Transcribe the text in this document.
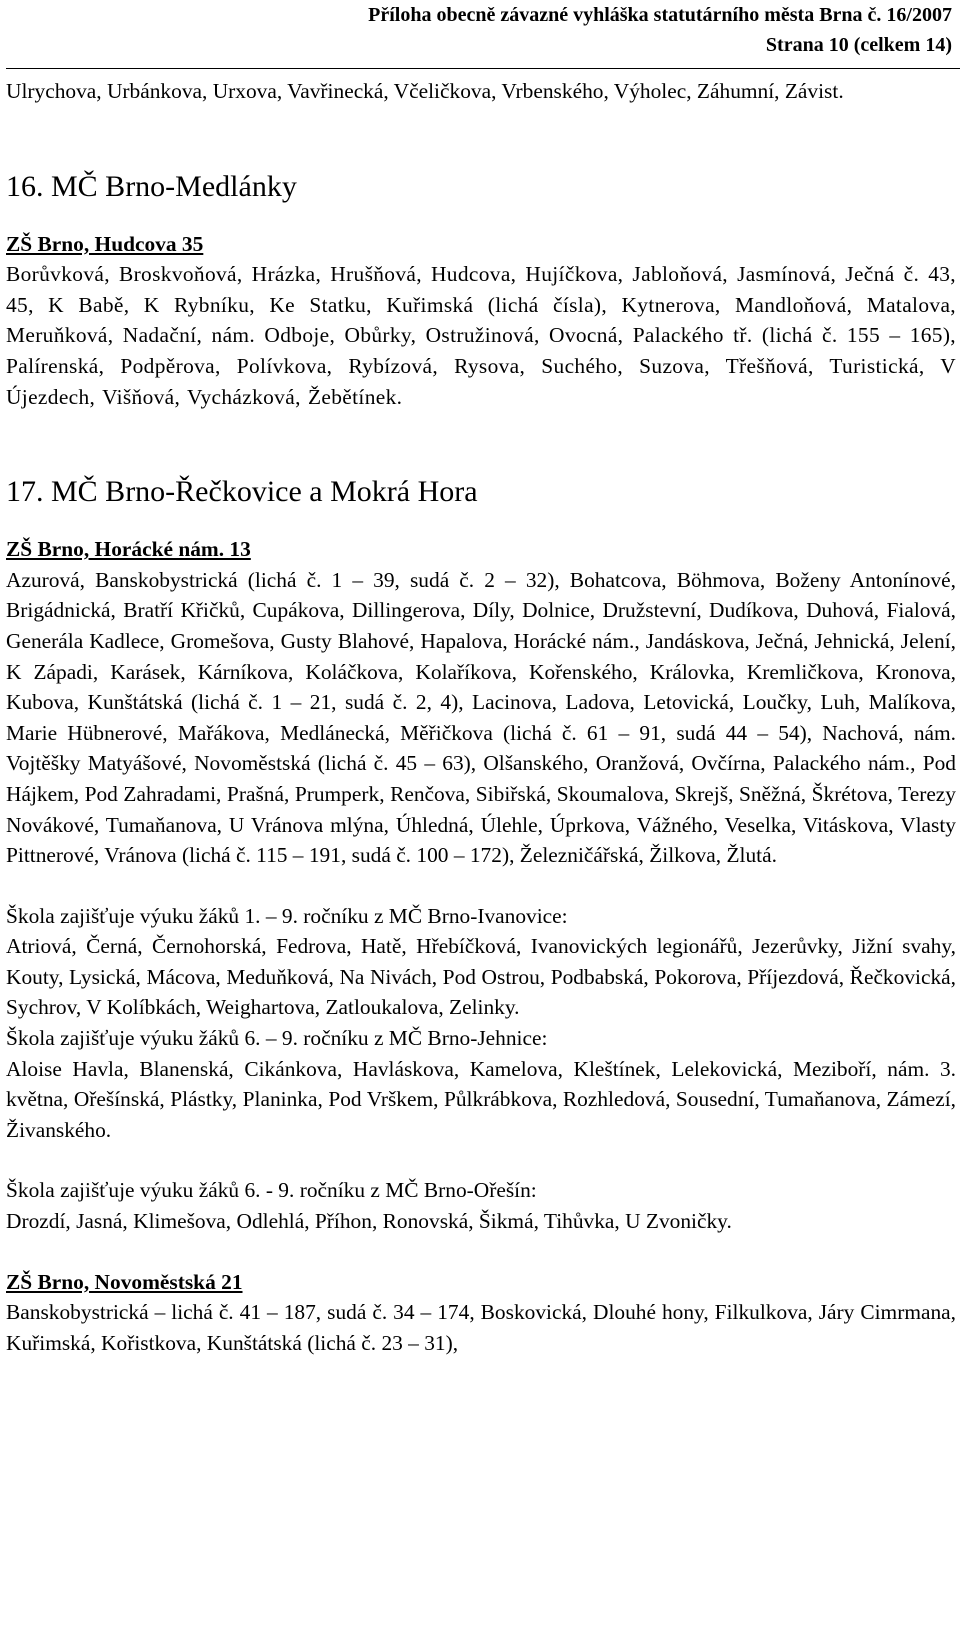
Příloha obecně závazné vyhláška statutárního města Brna č. 16/2007
Strana 10 (celkem 14)

Ulrychova, Urbánkova, Urxova, Vavřinecká, Včeličkova, Vrbenského, Výholec, Záhumní, Závist.

16. MČ Brno-Medlánky

ZŠ Brno, Hudcova 35

Borůvková, Broskvoňová, Hrázka, Hrušňová, Hudcova, Hujíčkova, Jabloňová, Jasmínová, Ječná č. 43, 45, K Babě, K Rybníku, Ke Statku, Kuřimská (lichá čísla), Kytnerova, Mandloňová, Matalova, Meruňková, Nadační, nám. Odboje, Obůrky, Ostružinová, Ovocná, Palackého tř. (lichá č. 155 – 165), Palírenská, Podpěrova, Polívkova, Rybízová, Rysova, Suchého, Suzova, Třešňová, Turistická, V Újezdech, Višňová, Vycházková, Žebětínek.

17. MČ Brno-Řečkovice a Mokrá Hora

ZŠ Brno, Horácké nám. 13

Azurová, Banskobystrická (lichá č. 1 – 39, sudá č. 2 – 32), Bohatcova, Böhmova, Boženy Antonínové, Brigádnická, Bratří Křičků, Cupákova, Dillingerova, Díly, Dolnice, Družstevní, Dudíkova, Duhová, Fialová, Generála Kadlece, Gromešova, Gusty Blahové, Hapalova, Horácké nám., Jandáskova, Ječná, Jehnická, Jelení, K Západi, Karásek, Kárníkova, Koláčkova, Kolaříkova, Kořenského, Královka, Kremličkova, Kronova, Kubova, Kunštátská (lichá č. 1 – 21, sudá č. 2, 4), Lacinova, Ladova, Letovická, Loučky, Luh, Malíkova, Marie Hübnerové, Mařákova, Medlánecká, Měřičkova (lichá č. 61 – 91, sudá 44 – 54), Nachová, nám. Vojtěšky Matyášové, Novoměstská (lichá č. 45 – 63), Olšanského, Oranžová, Ovčírna, Palackého nám., Pod Hájkem, Pod Zahradami, Prašná, Prumperk, Renčova, Sibiřská, Skoumalova, Skrejš, Sněžná, Škrétova, Terezy Novákové, Tumaňanova, U Vránova mlýna, Úhledná, Úlehle, Úprkova, Vážného, Veselka, Vitáskova, Vlasty Pittnerové, Vránova (lichá č. 115 – 191, sudá č. 100 – 172), Železničářská, Žilkova, Žlutá.

Škola zajišťuje výuku žáků 1. – 9. ročníku z MČ Brno-Ivanovice:

Atriová, Černá, Černohorská, Fedrova, Hatě, Hřebíčková, Ivanovických legionářů, Jezerůvky, Jižní svahy, Kouty, Lysická, Mácova, Meduňková, Na Nivách, Pod Ostrou, Podbabská, Pokorova, Příjezdová, Řečkovická, Sychrov, V Kolíbkách, Weighartova, Zatloukalova, Zelinky.

Škola zajišťuje výuku žáků 6. – 9. ročníku z MČ Brno-Jehnice:

Aloise Havla, Blanenská, Cikánkova, Havláskova, Kamelova, Kleštínek, Lelekovická, Meziboří, nám. 3. května, Ořešínská, Plástky, Planinka, Pod Vrškem, Půlkrábkova, Rozhledová, Sousední, Tumaňanova, Zámezí, Živanského.

Škola zajišťuje výuku žáků 6. - 9. ročníku z MČ Brno-Ořešín:

Drozdí, Jasná, Klimešova, Odlehlá, Příhon, Ronovská, Šikmá, Tihůvka, U Zvoničky.

ZŠ Brno, Novoměstská 21

Banskobystrická – lichá č. 41 – 187, sudá č. 34 – 174, Boskovická, Dlouhé hony, Filkulkova, Járy Cimrmana, Kuřimská, Kořistkova, Kunštátská (lichá č. 23 – 31),
